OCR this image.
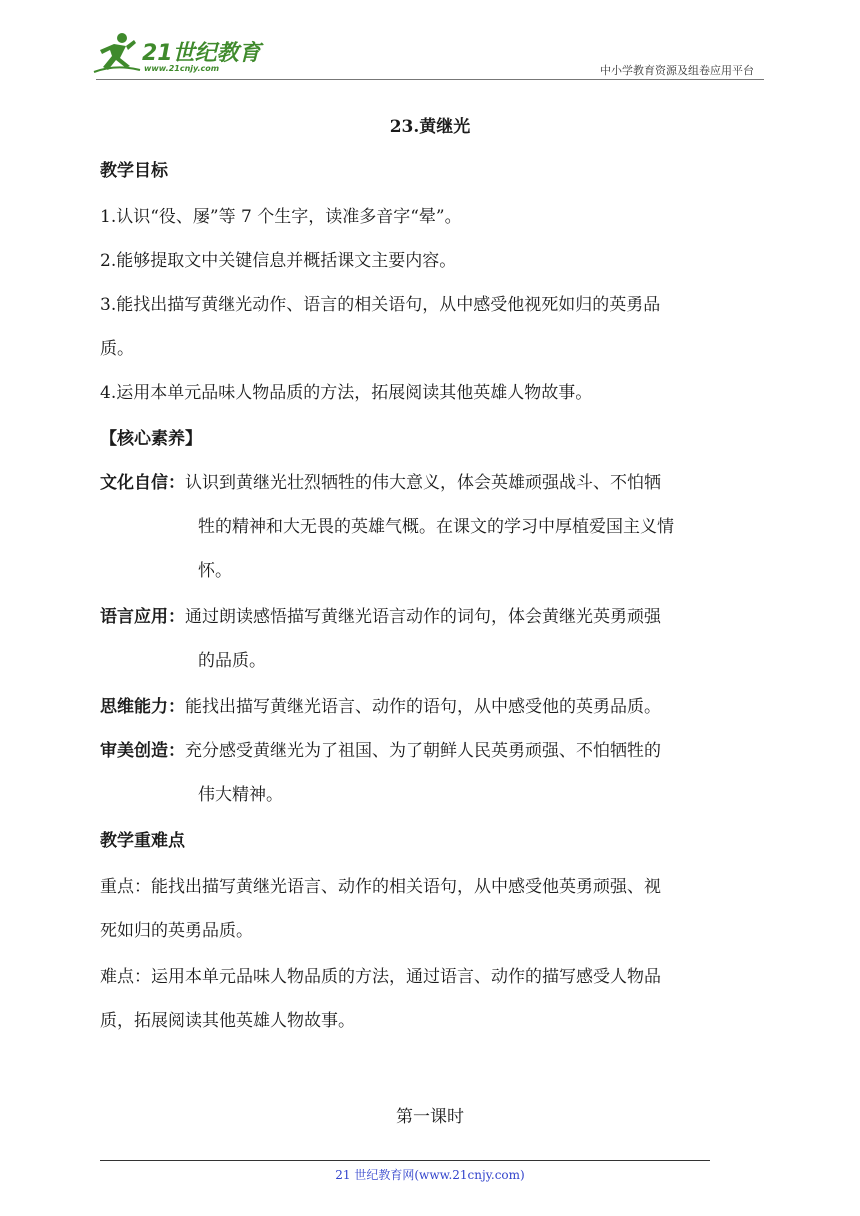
21世纪教育
www.21cnjy.com	中小学教育资源及组卷应用平台
23.黄继光
教学目标
1.认识“役、屡”等 7 个生字，读准多音字“晕”。
2.能够提取文中关键信息并概括课文主要内容。
3.能找出描写黄继光动作、语言的相关语句，从中感受他视死如归的英勇品
质。
4.运用本单元品味人物品质的方法，拓展阅读其他英雄人物故事。
【核心素养】
文化自信：认识到黄继光壮烈牺牲的伟大意义，体会英雄顽强战斗、不怕牺
牲的精神和大无畏的英雄气概。在课文的学习中厚植爱国主义情
怀。
语言应用：通过朗读感悟描写黄继光语言动作的词句，体会黄继光英勇顽强
的品质。
思维能力：能找出描写黄继光语言、动作的语句，从中感受他的英勇品质。
审美创造：充分感受黄继光为了祖国、为了朝鲜人民英勇顽强、不怕牺牲的
伟大精神。
教学重难点
重点：能找出描写黄继光语言、动作的相关语句，从中感受他英勇顽强、视
死如归的英勇品质。
难点：运用本单元品味人物品质的方法，通过语言、动作的描写感受人物品
质，拓展阅读其他英雄人物故事。
第一课时
21 世纪教育网(www.21cnjy.com)
